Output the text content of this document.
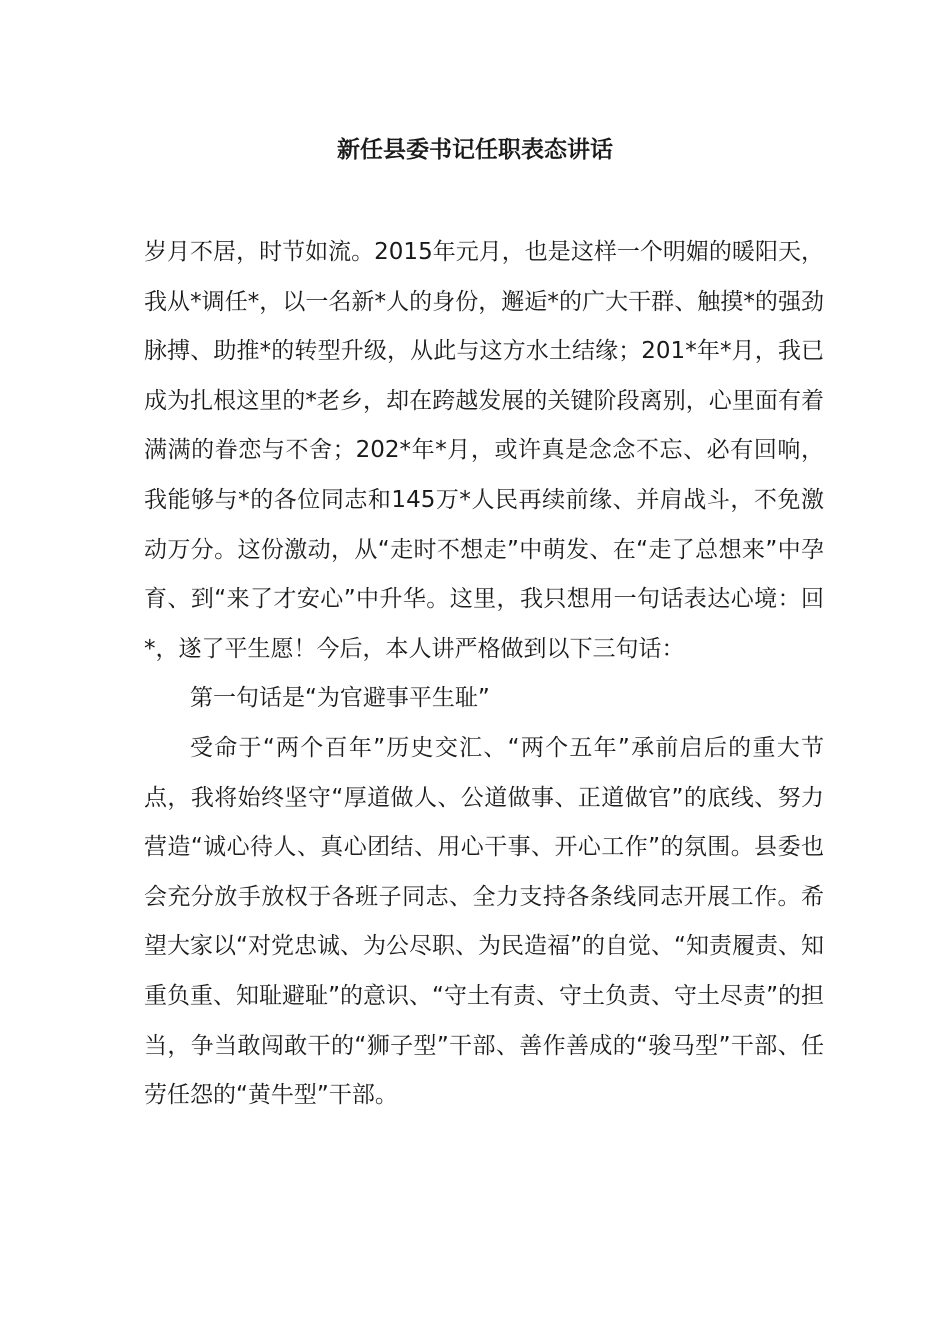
新任县委书记任职表态讲话

岁月不居，时节如流。2015年元月，也是这样一个明媚的暖阳天，我从*调任*，以一名新*人的身份，邂逅*的广大干群、触摸*的强劲脉搏、助推*的转型升级，从此与这方水土结缘；201*年*月，我已成为扎根这里的*老乡，却在跨越发展的关键阶段离别，心里面有着满满的眷恋与不舍；202*年*月，或许真是念念不忘、必有回响，我能够与*的各位同志和145万*人民再续前缘、并肩战斗，不免激动万分。这份激动，从“走时不想走”中萌发、在“走了总想来”中孕育、到“来了才安心”中升华。这里，我只想用一句话表达心境：回*，遂了平生愿！今后，本人讲严格做到以下三句话：

第一句话是“为官避事平生耻”

受命于“两个百年”历史交汇、“两个五年”承前启后的重大节点，我将始终坚守“厚道做人、公道做事、正道做官”的底线、努力营造“诚心待人、真心团结、用心干事、开心工作”的氛围。县委也会充分放手放权于各班子同志、全力支持各条线同志开展工作。希望大家以“对党忠诚、为公尽职、为民造福”的自觉、“知责履责、知重负重、知耻避耻”的意识、“守土有责、守土负责、守土尽责”的担当，争当敢闯敢干的“狮子型”干部、善作善成的“骏马型”干部、任劳任怨的“黄牛型”干部。
